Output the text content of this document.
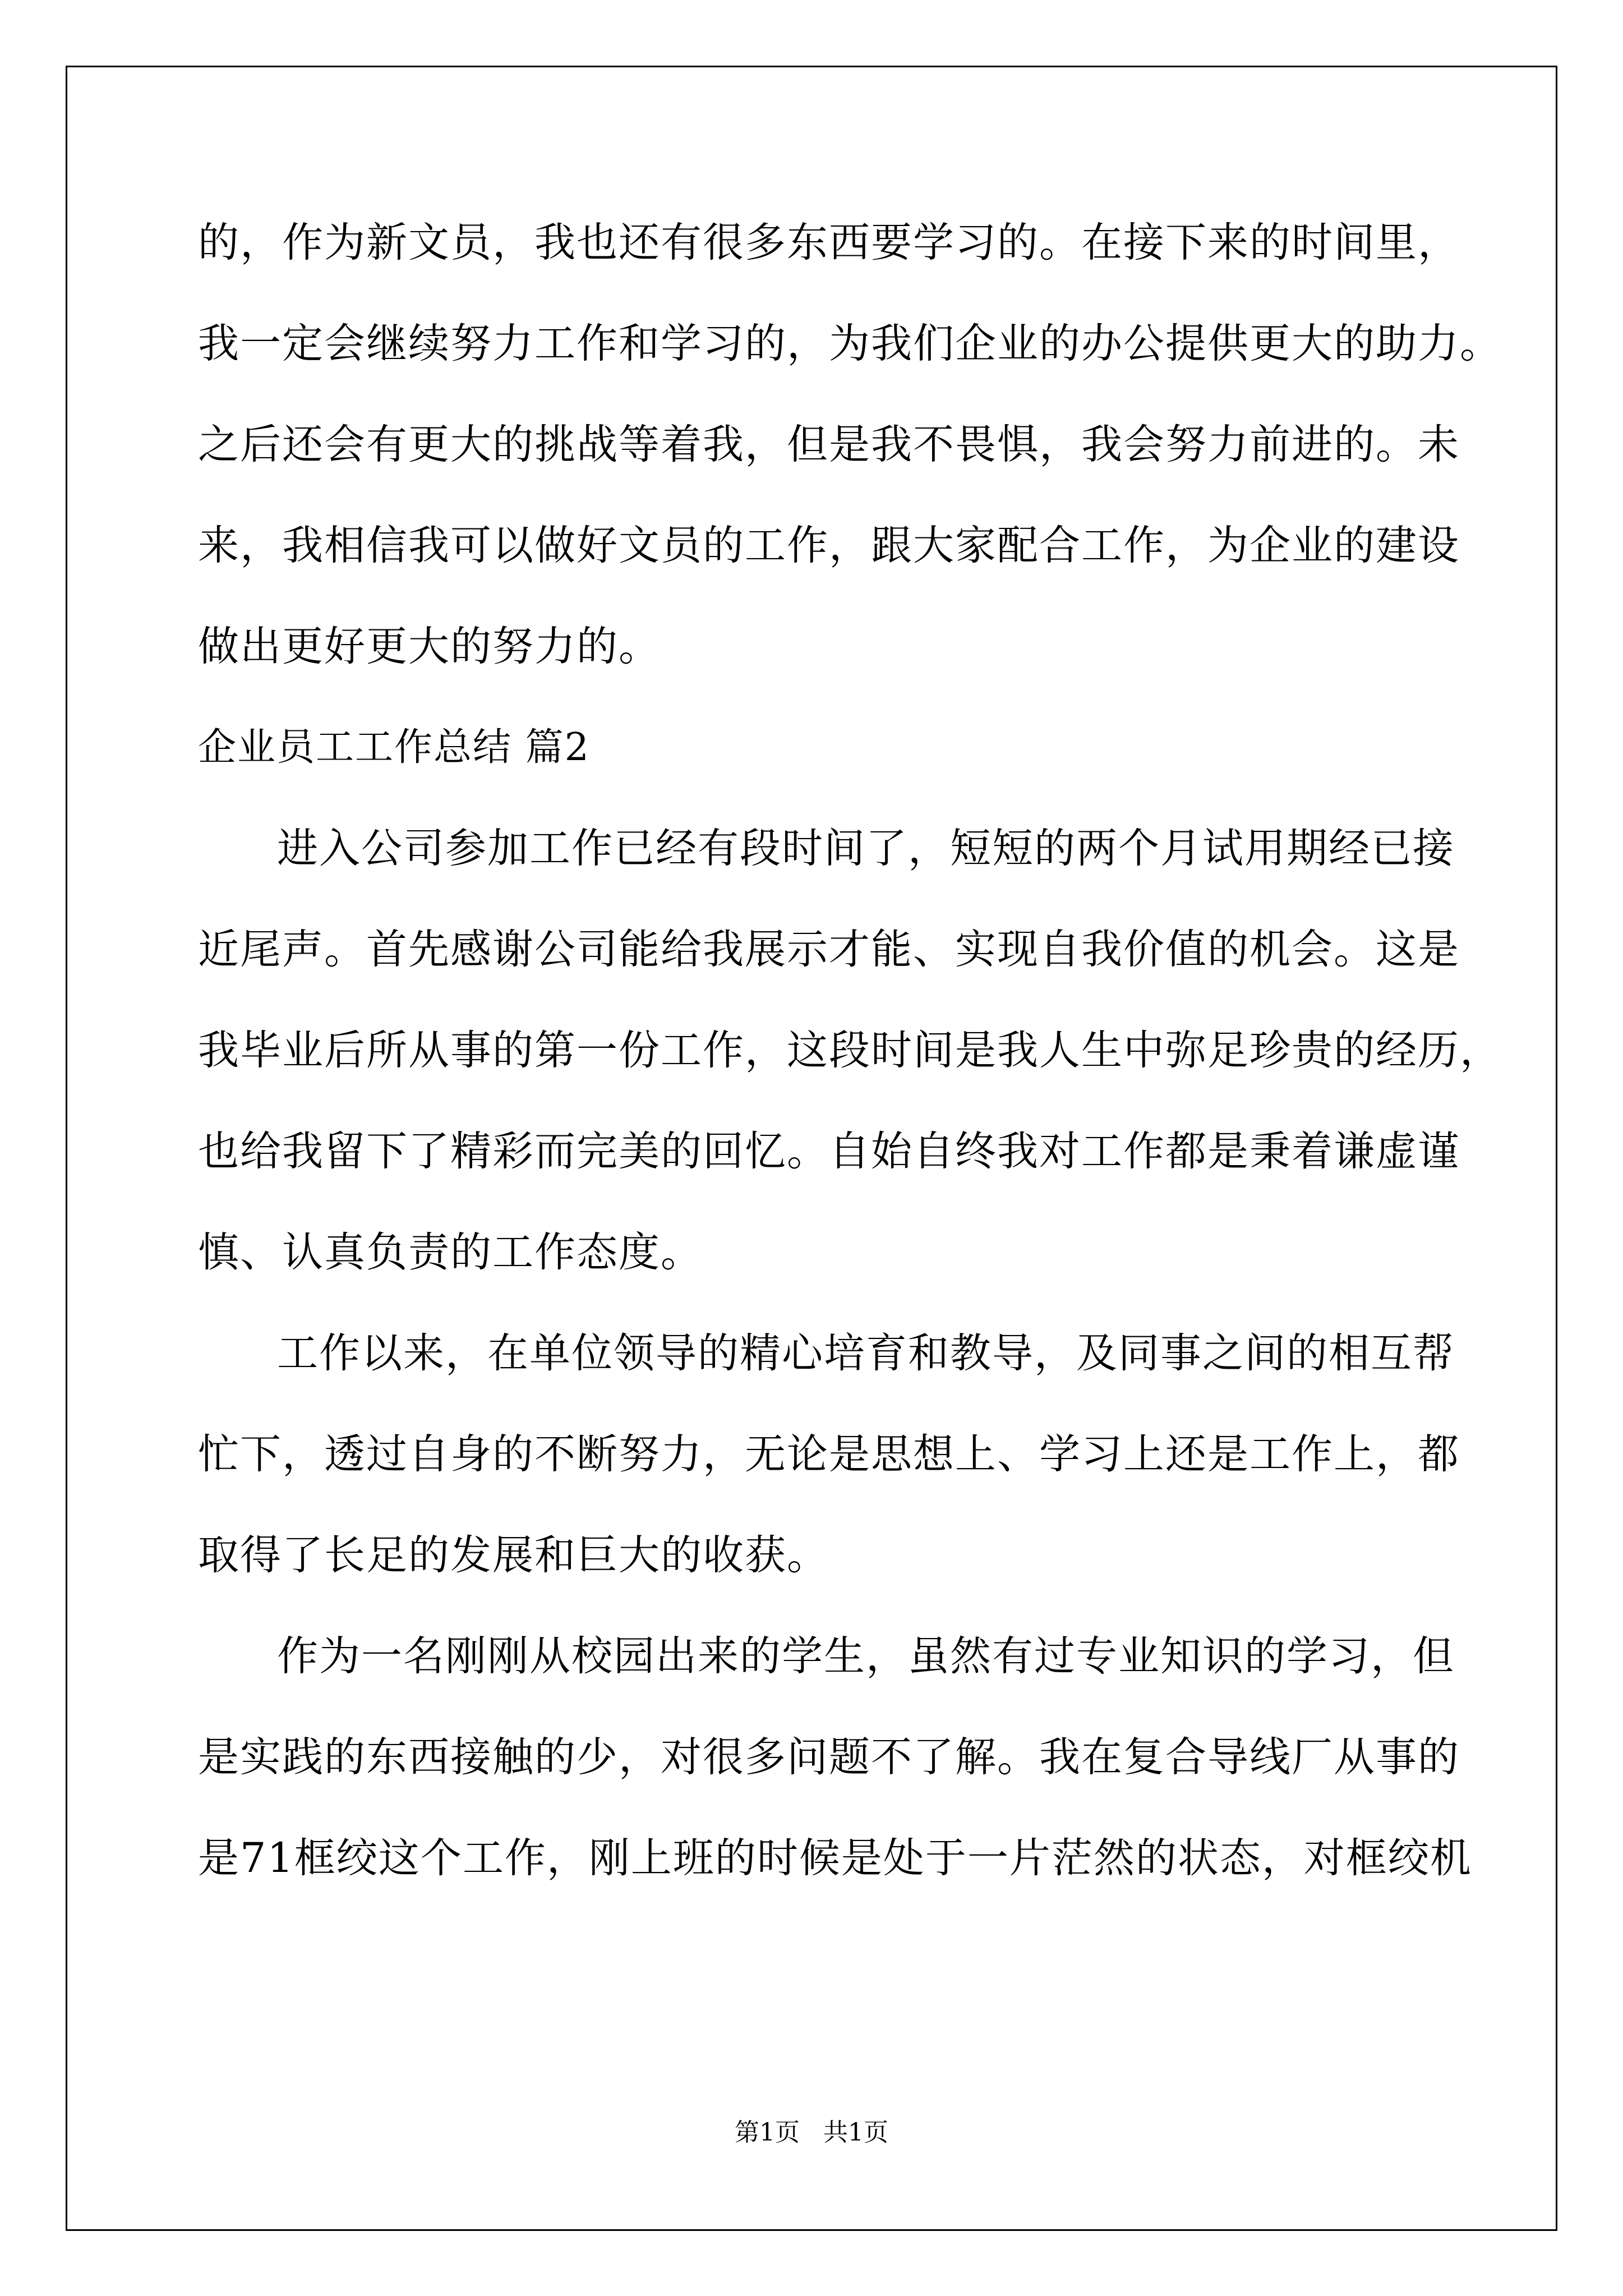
的，作为新文员，我也还有很多东西要学习的。在接下来的时间里，
我一定会继续努力工作和学习的，为我们企业的办公提供更大的助力。
之后还会有更大的挑战等着我，但是我不畏惧，我会努力前进的。未
来，我相信我可以做好文员的工作，跟大家配合工作，为企业的建设
做出更好更大的努力的。
企业员工工作总结 篇2
进入公司参加工作已经有段时间了，短短的两个月试用期经已接
近尾声。首先感谢公司能给我展示才能、实现自我价值的机会。这是
我毕业后所从事的第一份工作，这段时间是我人生中弥足珍贵的经历，
也给我留下了精彩而完美的回忆。自始自终我对工作都是秉着谦虚谨
慎、认真负责的工作态度。
工作以来，在单位领导的精心培育和教导，及同事之间的相互帮
忙下，透过自身的不断努力，无论是思想上、学习上还是工作上，都
取得了长足的发展和巨大的收获。
作为一名刚刚从校园出来的学生，虽然有过专业知识的学习，但
是实践的东西接触的少，对很多问题不了解。我在复合导线厂从事的
是71框绞这个工作，刚上班的时候是处于一片茫然的状态，对框绞机
第1页   共1页
